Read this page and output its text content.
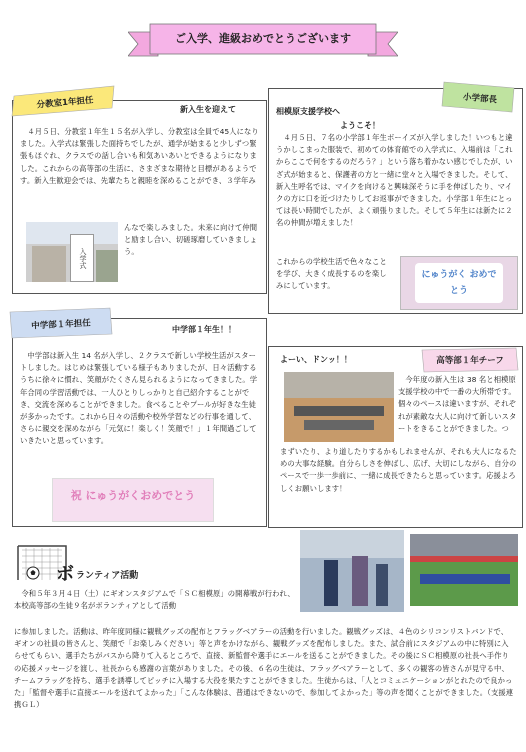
ご入学、進級おめでとうございます
分教室1年担任	新入生を迎えて
　４月５日、分教室１年生１５名が入学し、分教室は全員で45人になりました。入学式は緊張した面持ちでしたが、通学が始まると少しずつ緊張もほぐれ、クラスでの話し合いも和気あいあいとできるようになりました。これからの高等部の生活に、さまざまな期待と目標があるようです。新入生歓迎会では、先輩たちと親睦を深めることができ、３学年み
入学式
んなで楽しみました。未来に向けて仲間と励まし合い、切磋琢磨していきましょう。
小学部長
相模原支援学校へ
ようこそ！
　４月５日、７名の小学部１年生ボーイズが入学しました！いつもと違うかしこまった服装で、初めての体育館での入学式に、入場前は「これからここで何をするのだろう？」という落ち着かない感じでしたが、いざ式が始まると、保護者の方と一緒に堂々と入場できました。そして、新入生呼名では、マイクを向けると興味深そうに手を伸ばしたり、マイクの方に口を近づけたりしてお返事ができました。小学部１年生にとっては長い時間でしたが、よく頑張りました。そして５年生には新たに２名の仲間が増えました！
これからの学校生活で色々なことを学び、大きく成長するのを楽しみにしています。
にゅうがく おめでとう
中学部１年担任	中学部１年生！！
　中学部は新入生 14 名が入学し、２クラスで新しい学校生活がスタートしました。はじめは緊張している様子もありましたが、日々活動するうちに徐々に慣れ、笑顔がたくさん見られるようになってきました。学年合同の学習活動では、一人ひとりしっかりと自己紹介することができ、交流を深めることができました。食べることやプールが好きな生徒が多かったです。これから日々の活動や校外学習などの行事を通して、さらに親交を深めながら「元気に！楽しく！笑顔で！」１年間過ごしていきたいと思っています。
祝 にゅうがくおめでとう
高等部１年チーフ
よーい、ドンッ！！
　今年度の新入生は 38 名と相模原支援学校の中で一番の大所帯です。個々のペースは違いますが、それぞれが素敵な大人に向けて新しいスタートをきることができました。つ
まずいたり、より道したりするかもしれませんが、それも大人になるための大事な経験。自分らしさを伸ばし、広げ、大切にしながら、自分のペースで一歩一歩前に、一緒に成長できたらと思っています。応援よろしくお願いします！
ボ ランティア活動
　令和５年３月４日（土）にギオンスタジアムで「ＳＣ相模原」の開幕戦が行われ、本校高等部の生徒９名がボランティアとして活動
に参加しました。活動は、昨年度同様に観戦グッズの配布とフラッグベアラーの活動を行いました。観戦グッズは、４色のシリコンリストバンドで、ギオンの社員の皆さんと、笑顔で「お楽しみください」等と声をかけながら、観戦グッズを配布しました。また、試合前にスタジアムの中に特別に入らせてもらい、選手たちがバスから降りて入るところで、直接、新監督や選手にエールを送ることができました。その後にＳＣ相模原の社長へ手作りの応援メッセージを渡し、社長からも感謝の言葉がありました。その後、６名の生徒は、フラッグベアラーとして、多くの観客の皆さんが見守る中、チームフラッグを持ち、選手を誘導してピッチに入場する大役を果たすことができました。生徒からは、「人とコミュニケーションがとれたので良かった」「監督や選手に直接エールを送れてよかった」「こんな体験は、普通はできないので、参加してよかった」等の声を聞くことができました。（支援連携ＧＬ）
